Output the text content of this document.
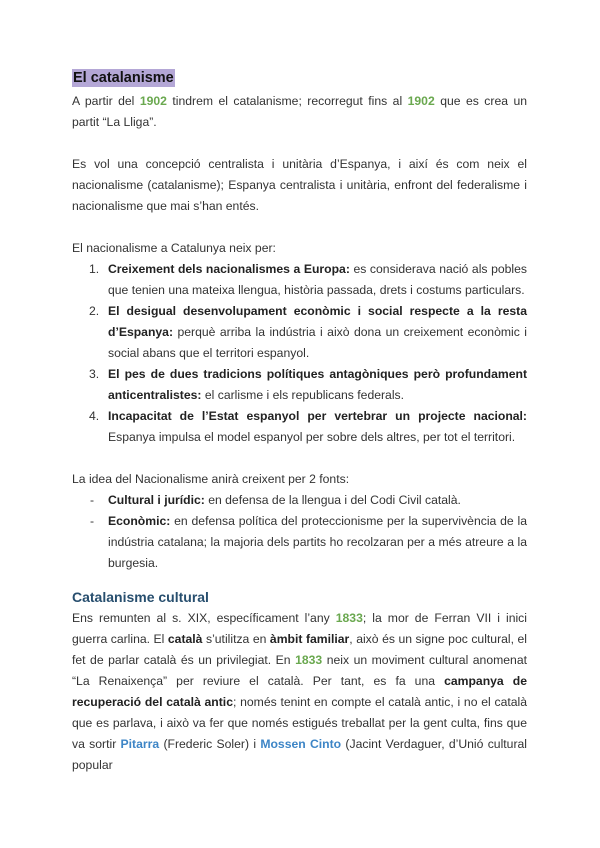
El catalanisme

A partir del 1902 tindrem el catalanisme; recorregut fins al 1902 que es crea un partit “La Lliga”.

Es vol una concepció centralista i unitària d’Espanya, i així és com neix el nacionalisme (catalanisme); Espanya centralista i unitària, enfront del federalisme i nacionalisme que mai s’han entés.

El nacionalisme a Catalunya neix per:

1. Creixement dels nacionalismes a Europa: es considerava nació als pobles que tenien una mateixa llengua, història passada, drets i costums particulars.
2. El desigual desenvolupament econòmic i social respecte a la resta d’Espanya: perquè arriba la indústria i això dona un creixement econòmic i social abans que el territori espanyol.
3. El pes de dues tradicions polítiques antagòniques però profundament anticentralistes: el carlisme i els republicans federals.
4. Incapacitat de l’Estat espanyol per vertebrar un projecte nacional: Espanya impulsa el model espanyol per sobre dels altres, per tot el territori.

La idea del Nacionalisme anirà creixent per 2 fonts:

- Cultural i jurídic: en defensa de la llengua i del Codi Civil català.
- Econòmic: en defensa política del proteccionisme per la supervivència de la indústria catalana; la majoria dels partits ho recolzaran per a més atreure a la burgesia.
Catalanisme cultural

Ens remunten al s. XIX, específicament l’any 1833; la mor de Ferran VII i inici guerra carlina. El català s’utilitza en àmbit familiar, això és un signe poc cultural, el fet de parlar català és un privilegiat. En 1833 neix un moviment cultural anomenat “La Renaixença” per reviure el català. Per tant, es fa una campanya de recuperació del català antic; només tenint en compte el català antic, i no el català que es parlava, i això va fer que només estigués treballat per la gent culta, fins que va sortir Pitarra (Frederic Soler) i Mossen Cinto (Jacint Verdaguer, d’Unió cultural popular
